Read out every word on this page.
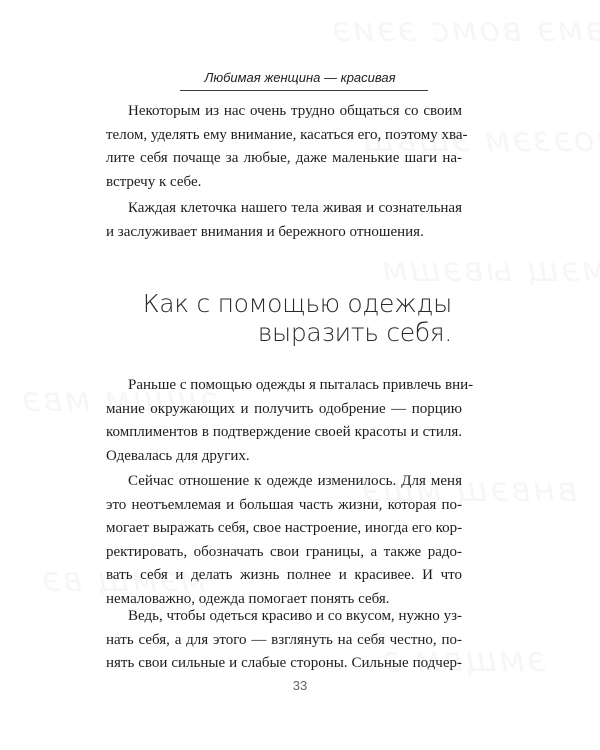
Любимая женщина — красивая

Некоторым из нас очень трудно общаться со своим
телом, уделять ему внимание, касаться его, поэтому хва-
лите себя почаще за любые, даже маленькие шаги на-
встречу к себе.

Каждая клеточка нашего тела живая и сознательная
и заслуживает внимания и бережного отношения.

Как с помощью одежды
выразить себя.

Раньше с помощью одежды я пыталась привлечь вни-
мание окружающих и получить одобрение — порцию
комплиментов в подтверждение своей красоты и стиля.
Одевалась для других.

Сейчас отношение к одежде изменилось. Для меня
это неотъемлемая и большая часть жизни, которая по-
могает выражать себя, свое настроение, иногда его кор-
ректировать, обозначать свои границы, а также радо-
вать себя и делать жизнь полнее и красивее. И что
немаловажно, одежда помогает понять себя.

Ведь, чтобы одеться красиво и со вкусом, нужно уз-
нать себя, а для этого — взглянуть на себя честно, по-
нять свои сильные и слабые стороны. Сильные подчер-

33
